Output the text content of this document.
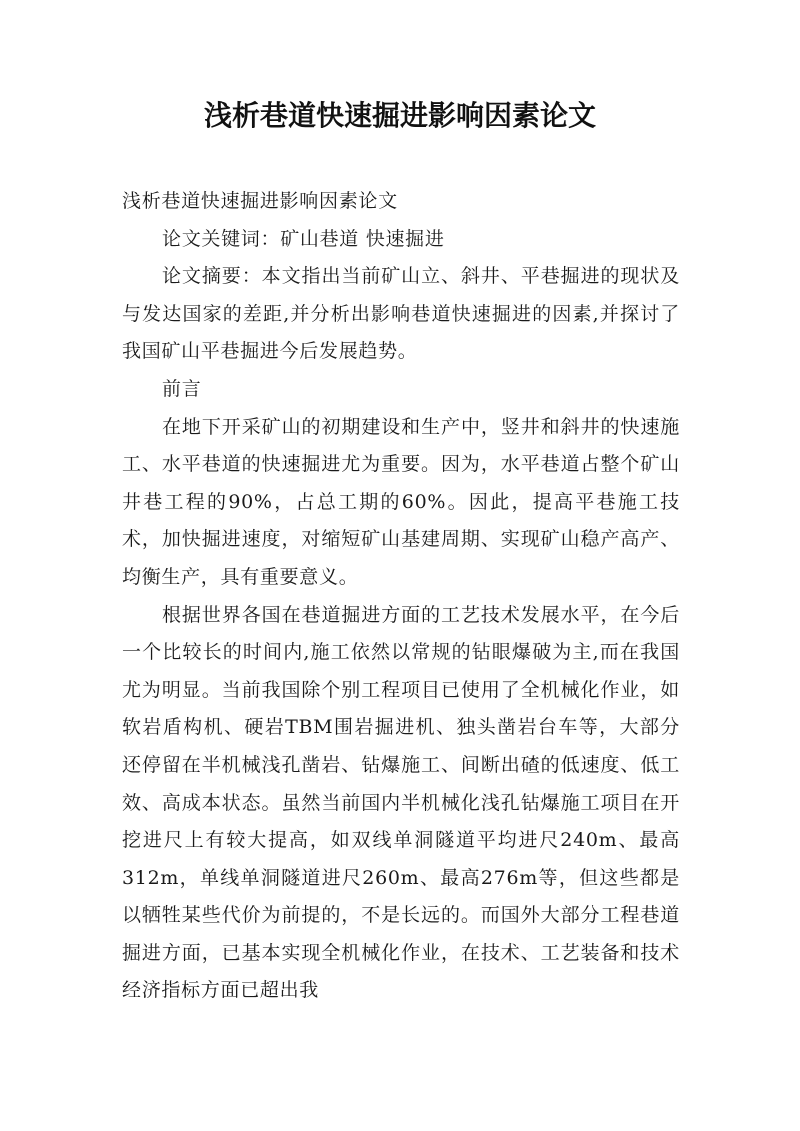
浅析巷道快速掘进影响因素论文

浅析巷道快速掘进影响因素论文

论文关键词：矿山巷道 快速掘进

论文摘要：本文指出当前矿山立、斜井、平巷掘进的现状及与发达国家的差距,并分析出影响巷道快速掘进的因素,并探讨了我国矿山平巷掘进今后发展趋势。

前言

在地下开采矿山的初期建设和生产中，竖井和斜井的快速施工、水平巷道的快速掘进尤为重要。因为，水平巷道占整个矿山井巷工程的90%，占总工期的60%。因此，提高平巷施工技术，加快掘进速度，对缩短矿山基建周期、实现矿山稳产高产、均衡生产，具有重要意义。

根据世界各国在巷道掘进方面的工艺技术发展水平，在今后一个比较长的时间内,施工依然以常规的钻眼爆破为主,而在我国尤为明显。当前我国除个别工程项目已使用了全机械化作业，如软岩盾构机、硬岩TBM围岩掘进机、独头凿岩台车等，大部分还停留在半机械浅孔凿岩、钻爆施工、间断出碴的低速度、低工效、高成本状态。虽然当前国内半机械化浅孔钻爆施工项目在开挖进尺上有较大提高，如双线单洞隧道平均进尺240m、最高312m，单线单洞隧道进尺260m、最高276m等，但这些都是以牺牲某些代价为前提的，不是长远的。而国外大部分工程巷道掘进方面，已基本实现全机械化作业，在技术、工艺装备和技术经济指标方面已超出我
